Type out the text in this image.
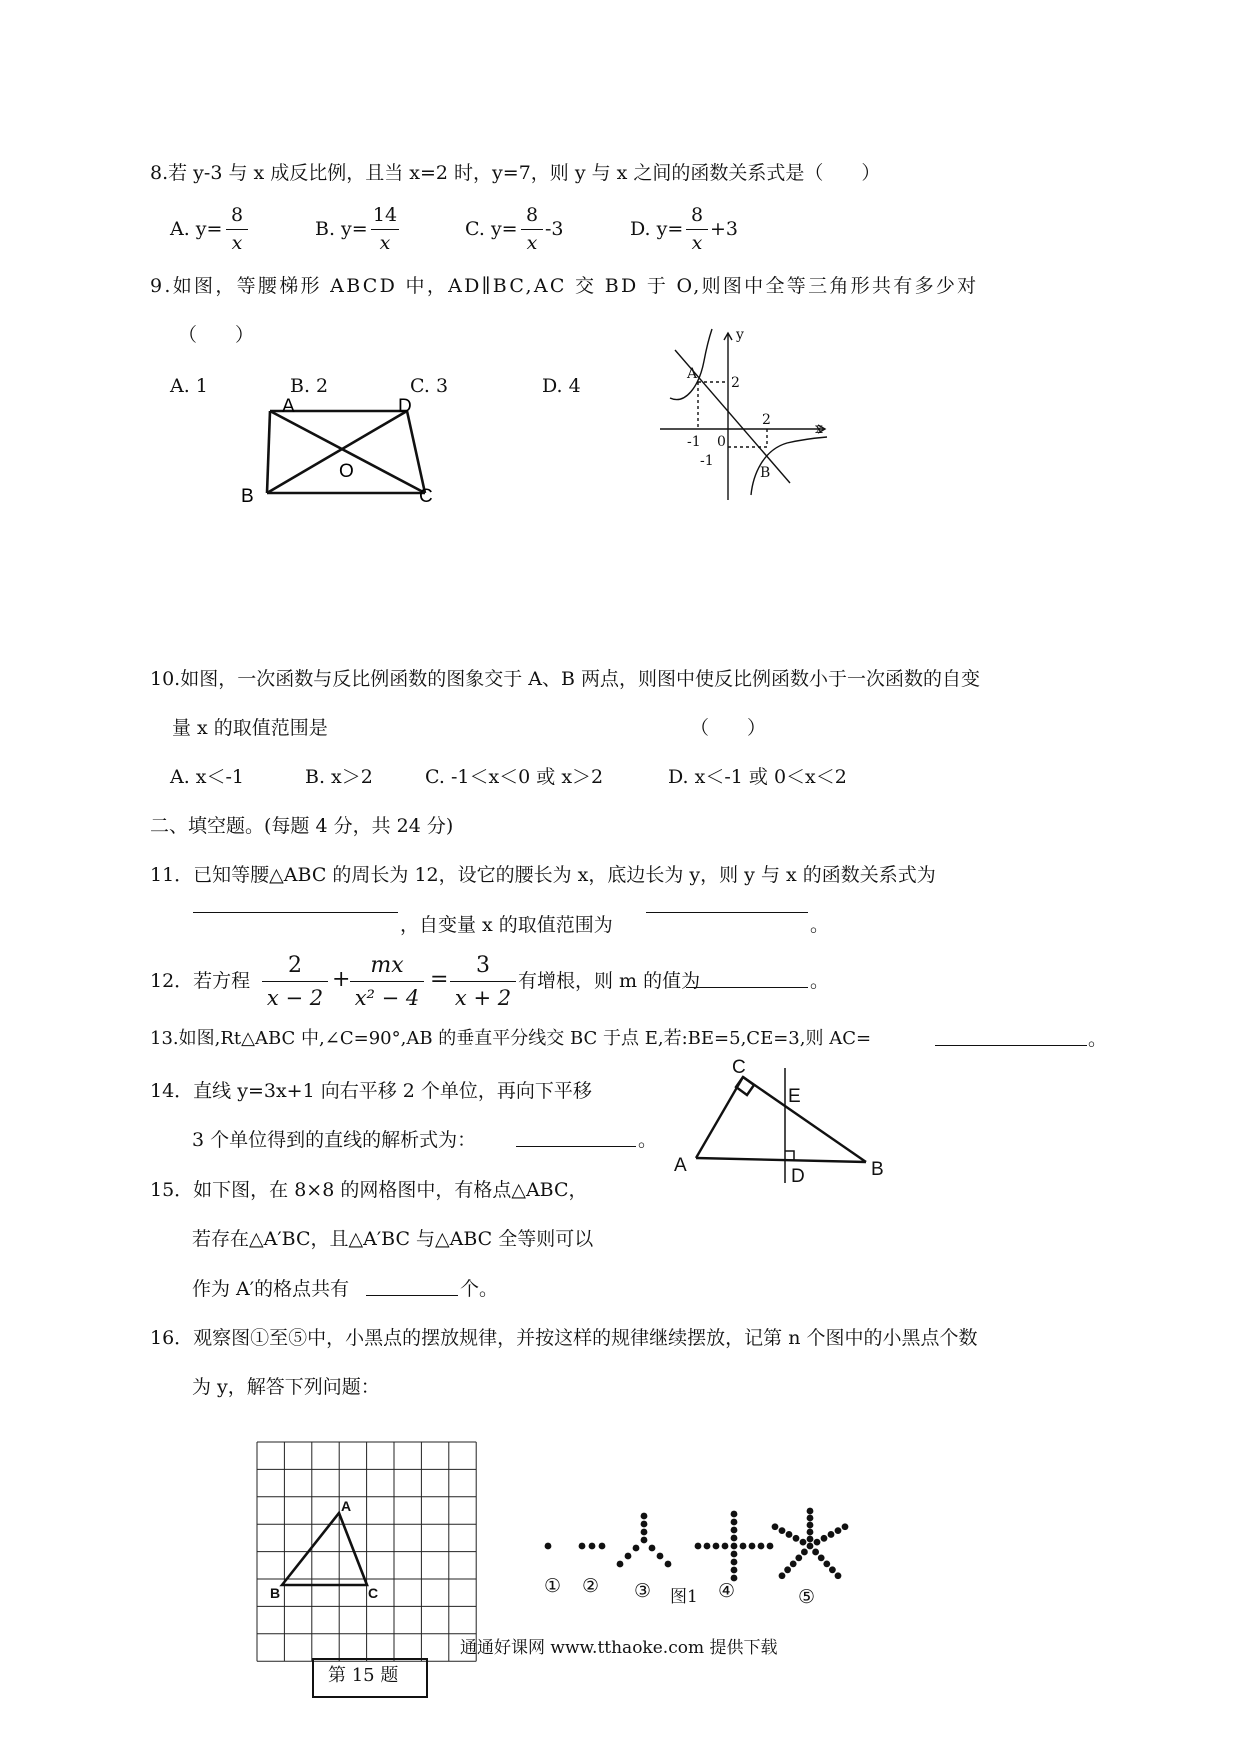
8.若 y-3 与 x 成反比例，且当 x=2 时，y=7，则 y 与 x 之间的函数关系式是（　　）
A. y=
8
x
B. y=
14
x
C. y=
8
x
-3	D. y=
8
x
+3
9.如图，等腰梯形 ABCD 中，AD∥BC,AC 交 BD 于 O,则图中全等三角形共有多少对
（　　）
A. 1	B. 2	C. 3	D. 4
A	D
O
B	C
y
x
A
2
2
-1 0
-1
B
10.如图，一次函数与反比例函数的图象交于 A、B 两点，则图中使反比例函数小于一次函数的自变
量 x 的取值范围是	（　　）
A. x＜-1	B. x＞2	C. -1＜x＜0 或 x＞2	D. x＜-1 或 0＜x＜2
二、填空题。(每题 4 分，共 24 分)
11．已知等腰△ABC 的周长为 12，设它的腰长为 x，底边长为 y，则 y 与 x 的函数关系式为
，自变量 x 的取值范围为	。
12．若方程
2
x − 2
+
mx
x² − 4
=
3
x + 2
有增根，则 m 的值为	。
13.如图,Rt△ABC 中,∠C=90°,AB 的垂直平分线交 BC 于点 E,若:BE=5,CE=3,则 AC=	。
14．直线 y=3x+1 向右平移 2 个单位，再向下平移
3 个单位得到的直线的解析式为：	。
C
E
A
D	B
15．如下图，在 8×8 的网格图中，有格点△ABC，
若存在△A′BC，且△A′BC 与△ABC 全等则可以
作为 A′的格点共有	个。
16．观察图①至⑤中，小黑点的摆放规律，并按这样的规律继续摆放，记第 n 个图中的小黑点个数
为 y，解答下列问题：
A
B	C
第 15 题
① ② ③ 图1 ④	⑤
通通好课网 www.tthaoke.com 提供下载
